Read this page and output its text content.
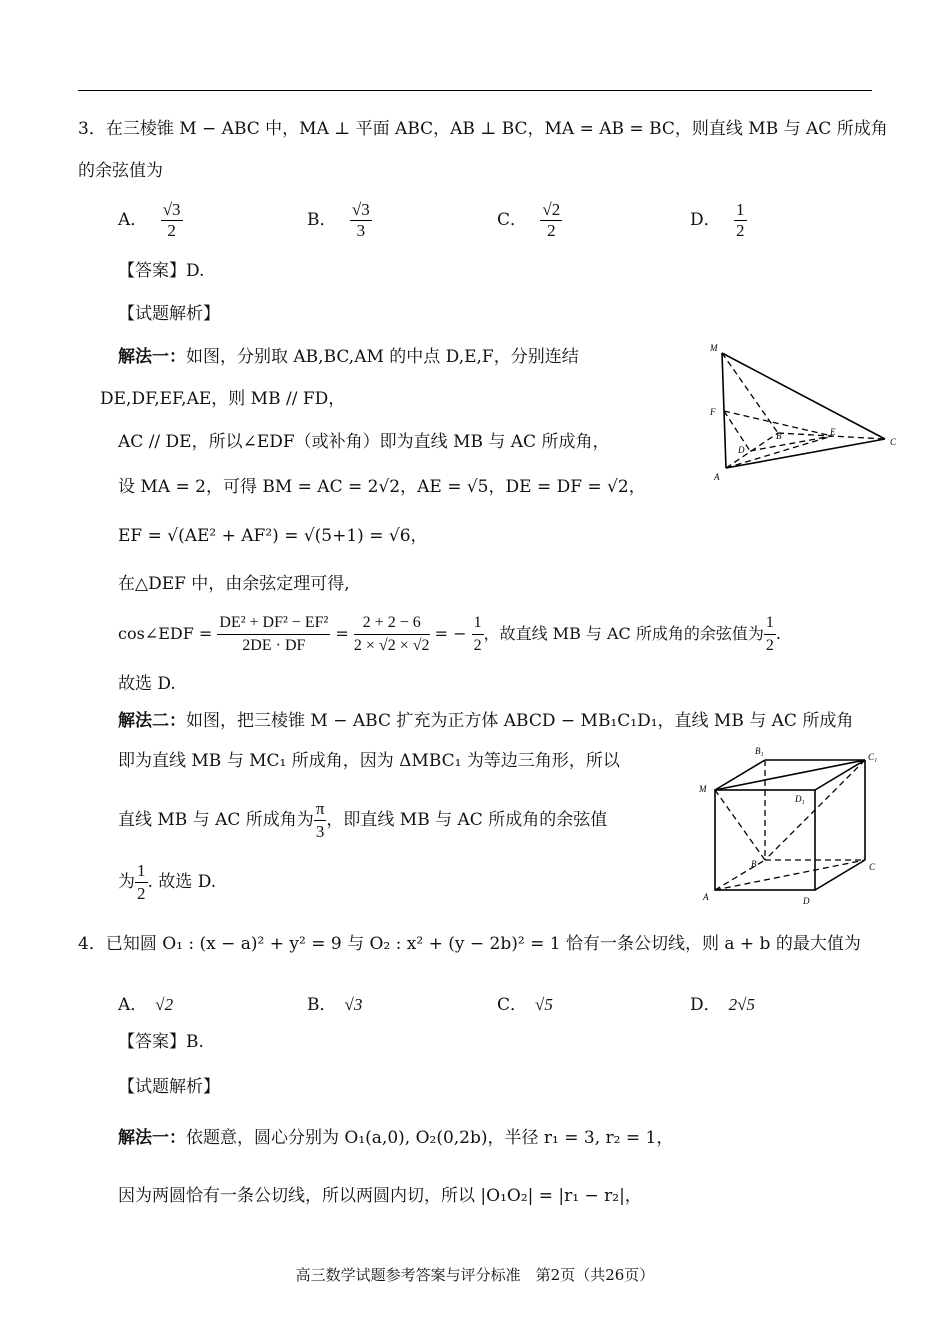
3．在三棱锥 M − ABC 中，MA ⊥ 平面 ABC，AB ⊥ BC，MA = AB = BC，则直线 MB 与 AC 所成角
的余弦值为
A． $\frac{√3}{2}$	B． $\frac{√3}{3}$	C． $\frac{√2}{2}$	D． $\frac{1}{2}$
【答案】D.
【试题解析】
解法一：如图，分别取 AB,BC,AM 的中点 D,E,F，分别连结
DE,DF,EF,AE，则 MB // FD，
AC // DE，所以∠EDF（或补角）即为直线 MB 与 AC 所成角，
设 MA = 2，可得 BM = AC = 2√2，AE = √5，DE = DF = √2，
EF = √(AE² + AF²) = √(5+1) = √6，
在△DEF 中，由余弦定理可得,
cos∠EDF = $\frac{\text{DE² + DF² − EF²}}{2DE \cdot DF} = \frac{2 + 2 - 6}{2 \times √2 \times √2}$ = − $\frac{1}{2}$ ，故直线 MB 与 AC 所成角的余弦值为 $\frac{1}{2}$ .
故选 D.
解法二：如图，把三棱锥 M − ABC 扩充为正方体 ABCD − MB₁C₁D₁，直线 MB 与 AC 所成角
即为直线 MB 与 MC₁ 所成角，因为 ΔMBC₁ 为等边三角形，所以
直线 MB 与 AC 所成角为 $\frac{\pi}{3}$ ，即直线 MB 与 AC 所成角的余弦值
为 $\frac{1}{2}$ . 故选 D.
M
F
D
B	E
C
A
B₁
C₁
M
D₁
B	C
A	D
4．已知圆 O₁ : (x − a)² + y² = 9 与 O₂ : x² + (y − 2b)² = 1 恰有一条公切线，则 a + b 的最大值为
A． √2	B． √3	C． √5	D． 2√5
【答案】B.
【试题解析】
解法一：依题意，圆心分别为 O₁(a,0), O₂(0,2b)，半径 r₁ = 3, r₂ = 1，
因为两圆恰有一条公切线，所以两圆内切，所以 |O₁O₂| = |r₁ − r₂|，
高三数学试题参考答案与评分标准　第2页（共26页）
